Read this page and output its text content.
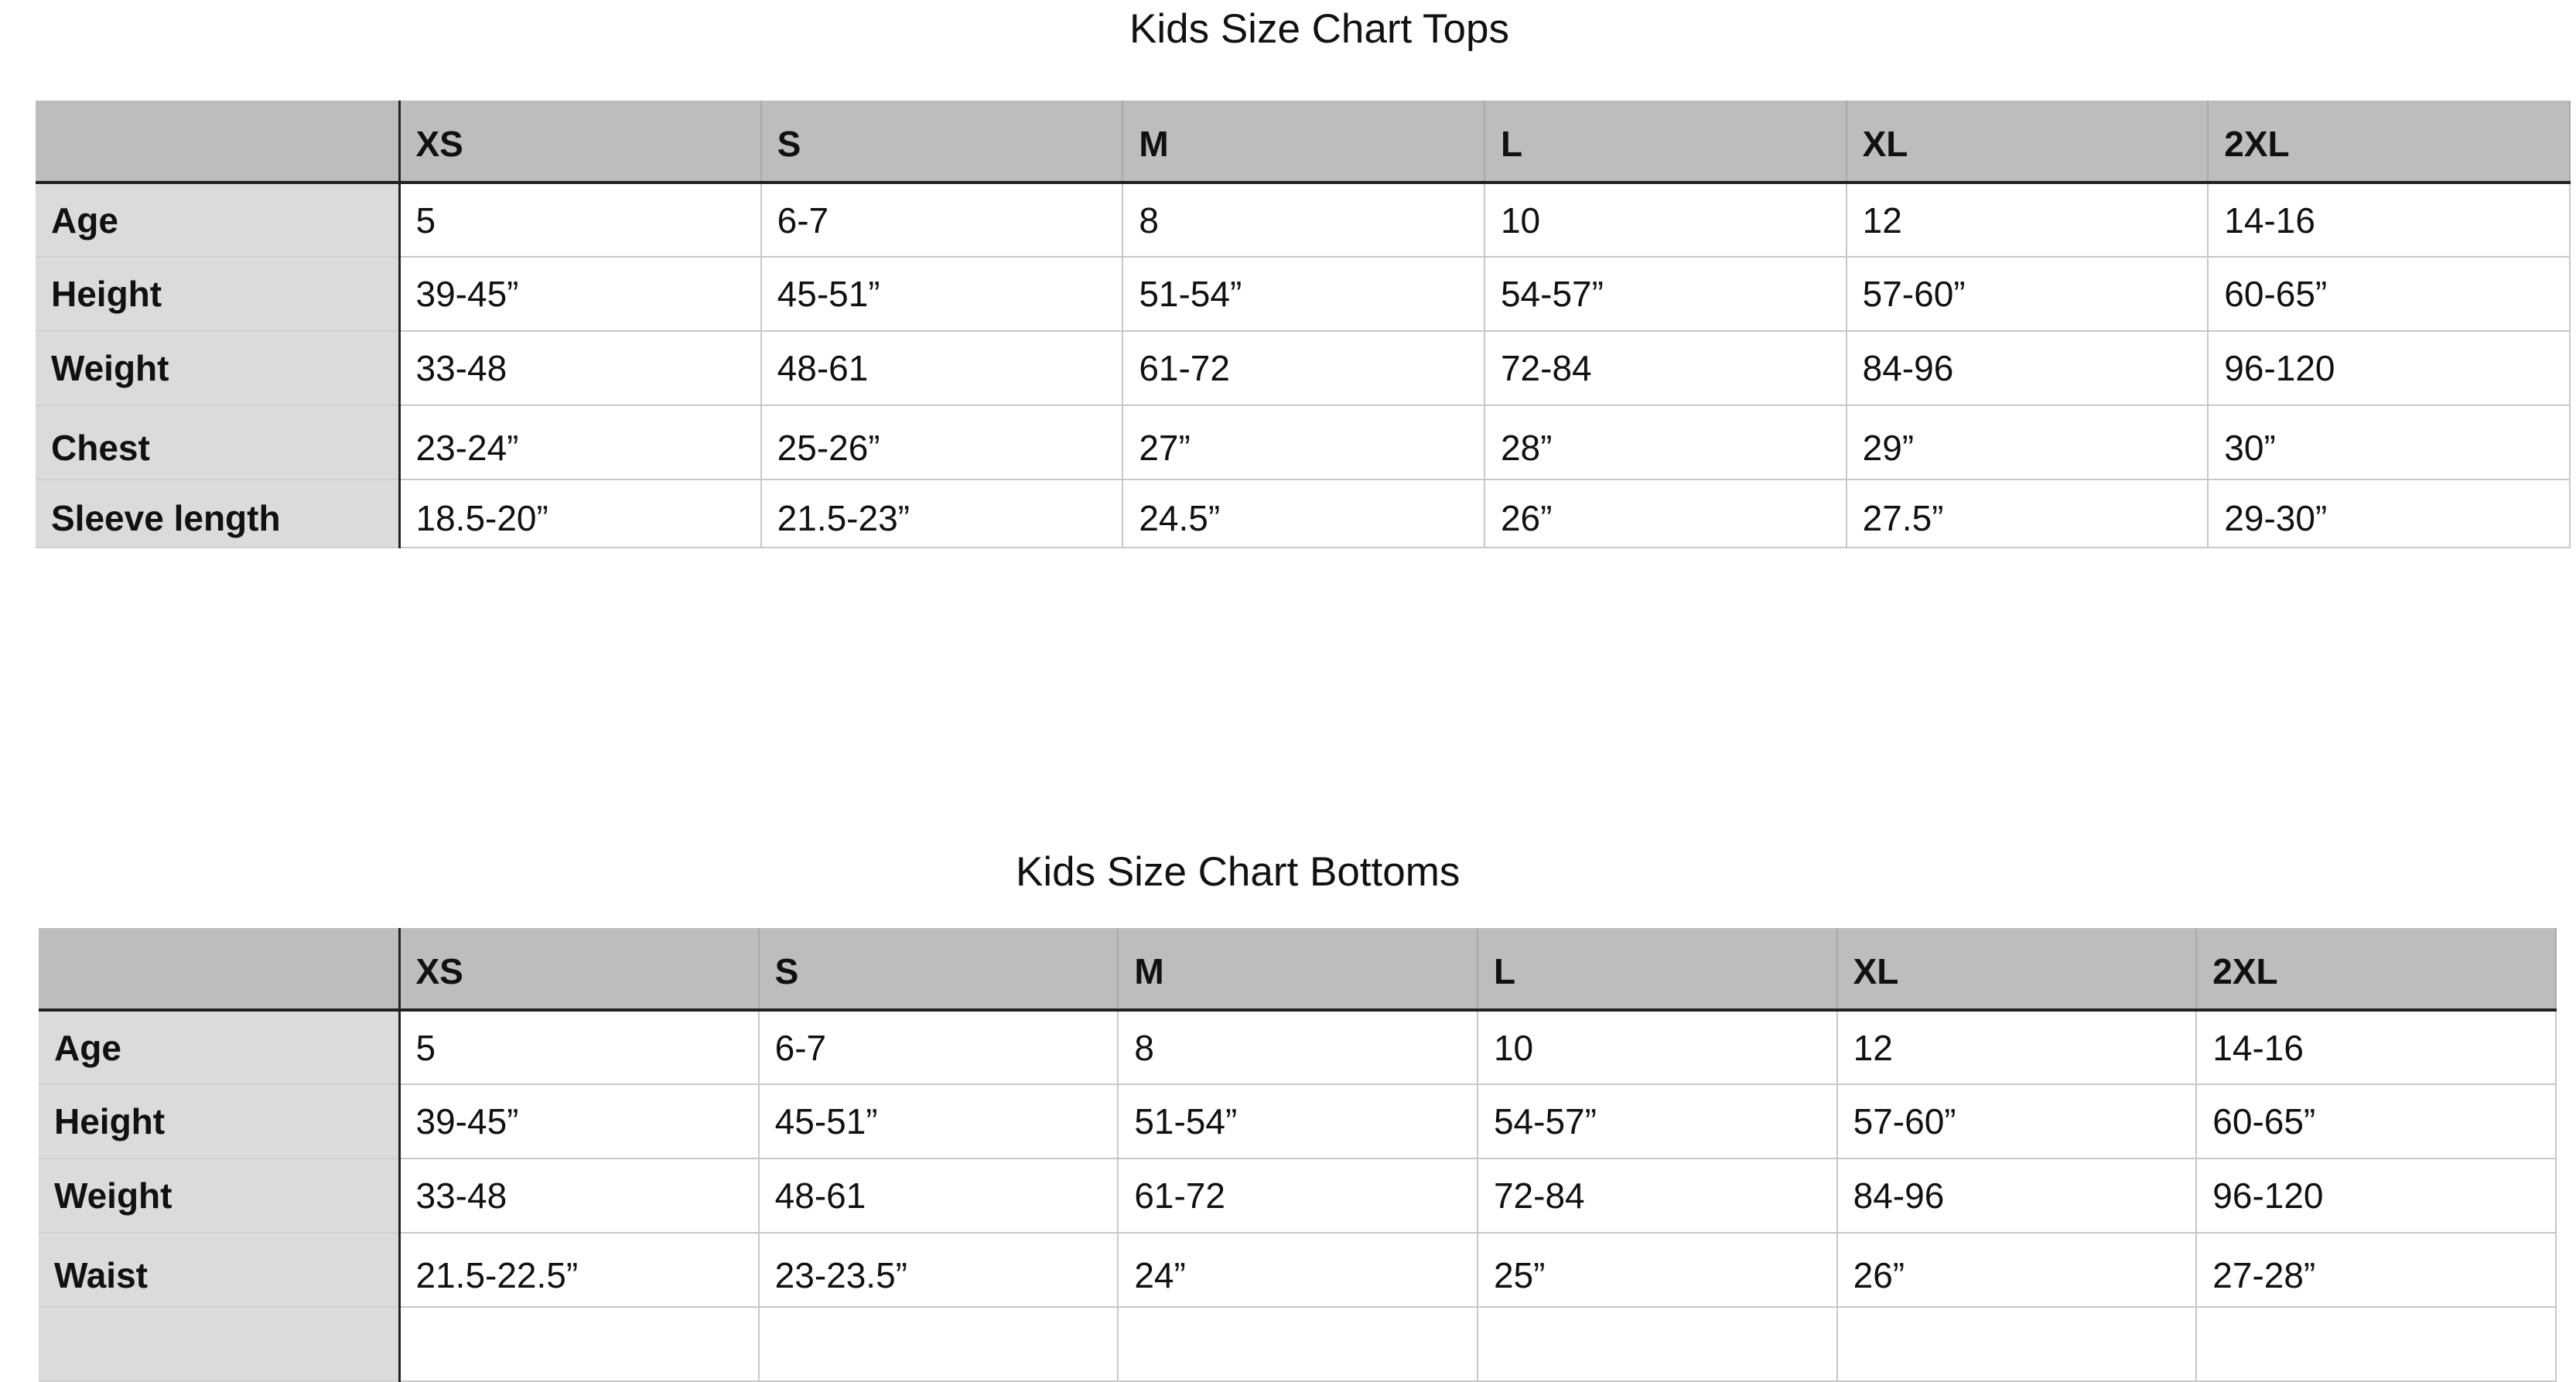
Kids Size Chart Tops
	XS	S	M	L	XL	2XL
Age	5	6-7	8	10	12	14-16
Height	39-45”	45-51”	51-54”	54-57”	57-60”	60-65”
Weight	33-48	48-61	61-72	72-84	84-96	96-120
Chest	23-24”	25-26”	27”	28”	29”	30”
Sleeve length	18.5-20”	21.5-23”	24.5”	26”	27.5”	29-30”
Kids Size Chart Bottoms
	XS	S	M	L	XL	2XL
Age	5	6-7	8	10	12	14-16
Height	39-45”	45-51”	51-54”	54-57”	57-60”	60-65”
Weight	33-48	48-61	61-72	72-84	84-96	96-120
Waist	21.5-22.5”	23-23.5”	24”	25”	26”	27-28”
